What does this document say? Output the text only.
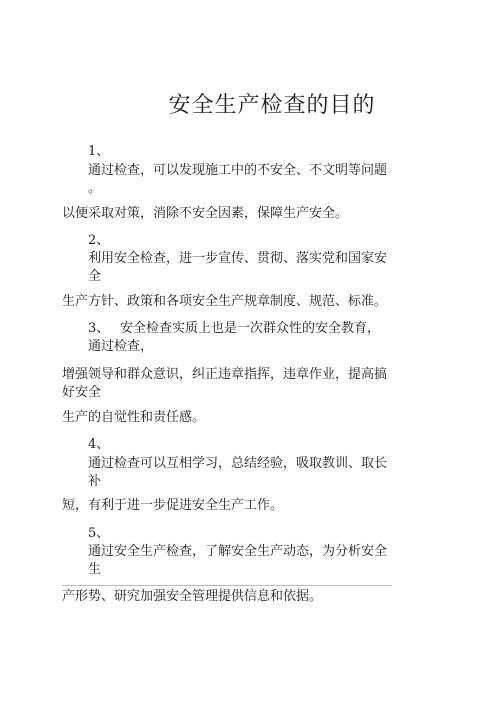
安全生产检查的目的
1、
通过检查，可以发现施工中的不安全、不文明等问题
。
以便采取对策，消除不安全因素，保障生产安全。
2、
利用安全检查，进一步宣传、贯彻、落实党和国家安
全
生产方针、政策和各项安全生产规章制度、规范、标准。
3、 安全检查实质上也是一次群众性的安全教育，
通过检查，
增强领导和群众意识，纠正违章指挥，违章作业，提高搞
好安全
生产的自觉性和责任感。
4、
通过检查可以互相学习，总结经验，吸取教训、取长
补
短，有利于进一步促进安全生产工作。
5、
通过安全生产检查，了解安全生产动态，为分析安全
生
产形势、研究加强安全管理提供信息和依据。
